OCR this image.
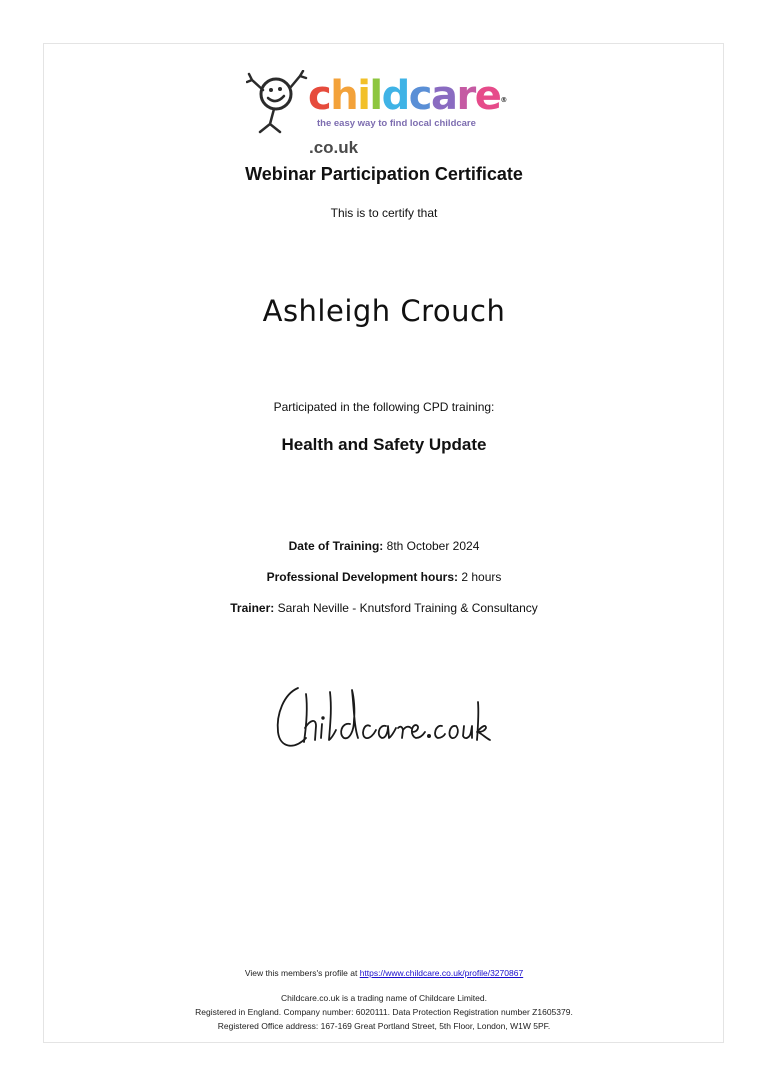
childcare®.co.uk
the easy way to find local childcare
Webinar Participation Certificate
This is to certify that
Ashleigh Crouch
Participated in the following CPD training:
Health and Safety Update
Date of Training: 8th October 2024
Professional Development hours: 2 hours
Trainer: Sarah Neville - Knutsford Training & Consultancy
View this members's profile at https://www.childcare.co.uk/profile/3270867
Childcare.co.uk is a trading name of Childcare Limited.
Registered in England. Company number: 6020111. Data Protection Registration number Z1605379.
Registered Office address: 167-169 Great Portland Street, 5th Floor, London, W1W 5PF.
